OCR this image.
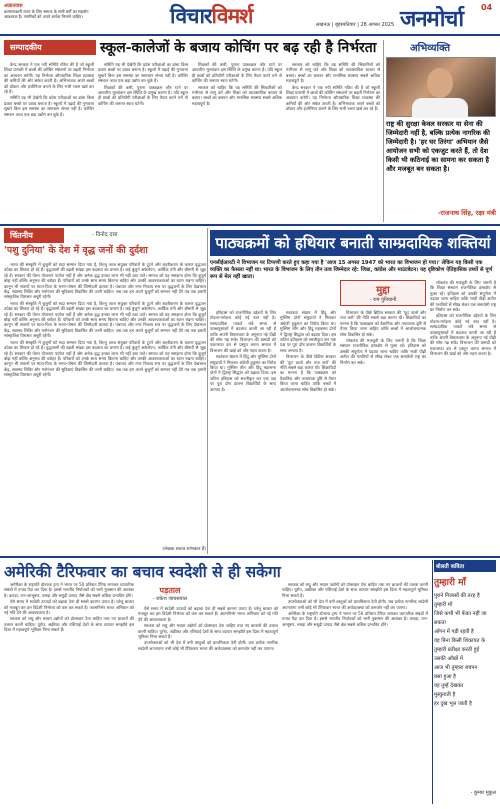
अज्ञातवास
कल्याणकारी राज्य के लिए समाज के सभी वर्गों का सहयोग आवश्यक है। नागरिकों को अपने कर्तव्य निभाने चाहिए।	विचारविमर्श	लखनऊ | बृहस्पतिवार | 28 अगस्त 2025 जनमोर्चा 04
सम्पादकीय	स्कूल-कालेजों के बजाय कोचिंग पर बढ़ रही है निर्भरता

केन्द्र सरकार ने एक नयी समिति गठित की है जो स्कूली शिक्षा प्रणाली में छात्रों की कोचिंग संस्थानों पर बढ़ती निर्भरता का अध्ययन करेगी। यह निर्भरता औपचारिक शिक्षा व्यवस्था की कमियों की ओर संकेत करती है। अभिभावक अपने बच्चों को डॉक्टर और इंजीनियर बनाने के लिए भारी रकम खर्च कर रहे हैं।

समिति यह भी देखेगी कि प्रवेश परीक्षाओं का ढांचा किस प्रकार बच्चों पर दबाव बनाता है। स्कूलों में पढ़ाई की गुणवत्ता सुधारे बिना इस समस्या का समाधान संभव नहीं है। कोचिंग संस्थान आज एक बड़ा उद्योग बन चुके हैं।

समिति यह भी देखेगी कि प्रवेश परीक्षाओं का ढांचा किस प्रकार बच्चों पर दबाव बनाता है। स्कूलों में पढ़ाई की गुणवत्ता सुधारे बिना इस समस्या का समाधान संभव नहीं है। कोचिंग संस्थान आज एक बड़ा उद्योग बन चुके हैं।

शिक्षकों की कमी, पुराना पाठ्यक्रम और रटने पर आधारित मूल्यांकन इस स्थिति के प्रमुख कारण हैं। यदि स्कूल ही छात्रों को प्रतियोगी परीक्षाओं के लिए तैयार करने लगें तो कोचिंग की जरूरत स्वतः घटेगी।

शिक्षकों की कमी, पुराना पाठ्यक्रम और रटने पर आधारित मूल्यांकन इस स्थिति के प्रमुख कारण हैं। यदि स्कूल ही छात्रों को प्रतियोगी परीक्षाओं के लिए तैयार करने लगें तो कोचिंग की जरूरत स्वतः घटेगी।

सरकार को चाहिए कि वह समिति की सिफारिशों को गंभीरता से लागू करे और शिक्षा को व्यावसायिक बाजार से बचाए। बच्चों का बचपन और मानसिक स्वास्थ्य सबसे अधिक महत्वपूर्ण है।

सरकार को चाहिए कि वह समिति की सिफारिशों को गंभीरता से लागू करे और शिक्षा को व्यावसायिक बाजार से बचाए। बच्चों का बचपन और मानसिक स्वास्थ्य सबसे अधिक महत्वपूर्ण है।

केन्द्र सरकार ने एक नयी समिति गठित की है जो स्कूली शिक्षा प्रणाली में छात्रों की कोचिंग संस्थानों पर बढ़ती निर्भरता का अध्ययन करेगी। यह निर्भरता औपचारिक शिक्षा व्यवस्था की कमियों की ओर संकेत करती है। अभिभावक अपने बच्चों को डॉक्टर और इंजीनियर बनाने के लिए भारी रकम खर्च कर रहे हैं।

अभिव्यक्ति
राष्ट्र की सुरक्षा केवल सरकार या सेना की जिम्मेदारी नहीं है, बल्कि प्रत्येक नागरिक की जिम्मेदारी है। 'हर घर तिरंगा' अभियान जैसे आयोजन सभी को एकजुट करते हैं, तो देश किसी भी कठिनाई का सामना कर सकता है और मजबूत बन सकता है।
-राजनाथ सिंह, रक्षा मंत्री
चिंतनीय	- विनोद दत्ता
'पशु दुनिया' के देश में वृद्ध जनों की दुर्दशा

भारत की संस्कृति में बुजुर्गों को सदा सम्मान दिया गया है, किन्तु आज संयुक्त परिवारों के टूटने और शहरीकरण के कारण वृद्धजन उपेक्षा का शिकार हो रहे हैं। वृद्धाश्रमों की बढ़ती संख्या इस बदलाव का प्रमाण है। कई बुजुर्ग अकेलेपन, आर्थिक तंगी और बीमारी से जूझ रहे हैं। सरकार की पेंशन योजनाएं पर्याप्त नहीं हैं और अनेक वृद्ध इनका लाभ भी नहीं उठा पाते। समाज को यह समझना होगा कि बुजुर्ग बोझ नहीं बल्कि अनुभव की धरोहर हैं। परिवारों को उनके साथ समय बिताना चाहिए और उनकी आवश्यकताओं का ध्यान रखना चाहिए। कानून भी संतानों पर माता-पिता के भरण-पोषण की जिम्मेदारी डालता है। पंचायत और नगर निकाय स्तर पर वृद्धजनों के लिए देखभाल केंद्र, स्वास्थ्य शिविर और मनोरंजन की सुविधाएं विकसित की जानी चाहिए। जब तक हम अपने बुजुर्गों को सम्मान नहीं देंगे तब तक हमारी सांस्कृतिक विरासत अधूरी रहेगी।

भारत की संस्कृति में बुजुर्गों को सदा सम्मान दिया गया है, किन्तु आज संयुक्त परिवारों के टूटने और शहरीकरण के कारण वृद्धजन उपेक्षा का शिकार हो रहे हैं। वृद्धाश्रमों की बढ़ती संख्या इस बदलाव का प्रमाण है। कई बुजुर्ग अकेलेपन, आर्थिक तंगी और बीमारी से जूझ रहे हैं। सरकार की पेंशन योजनाएं पर्याप्त नहीं हैं और अनेक वृद्ध इनका लाभ भी नहीं उठा पाते। समाज को यह समझना होगा कि बुजुर्ग बोझ नहीं बल्कि अनुभव की धरोहर हैं। परिवारों को उनके साथ समय बिताना चाहिए और उनकी आवश्यकताओं का ध्यान रखना चाहिए। कानून भी संतानों पर माता-पिता के भरण-पोषण की जिम्मेदारी डालता है। पंचायत और नगर निकाय स्तर पर वृद्धजनों के लिए देखभाल केंद्र, स्वास्थ्य शिविर और मनोरंजन की सुविधाएं विकसित की जानी चाहिए। जब तक हम अपने बुजुर्गों को सम्मान नहीं देंगे तब तक हमारी सांस्कृतिक विरासत अधूरी रहेगी।

भारत की संस्कृति में बुजुर्गों को सदा सम्मान दिया गया है, किन्तु आज संयुक्त परिवारों के टूटने और शहरीकरण के कारण वृद्धजन उपेक्षा का शिकार हो रहे हैं। वृद्धाश्रमों की बढ़ती संख्या इस बदलाव का प्रमाण है। कई बुजुर्ग अकेलेपन, आर्थिक तंगी और बीमारी से जूझ रहे हैं। सरकार की पेंशन योजनाएं पर्याप्त नहीं हैं और अनेक वृद्ध इनका लाभ भी नहीं उठा पाते। समाज को यह समझना होगा कि बुजुर्ग बोझ नहीं बल्कि अनुभव की धरोहर हैं। परिवारों को उनके साथ समय बिताना चाहिए और उनकी आवश्यकताओं का ध्यान रखना चाहिए। कानून भी संतानों पर माता-पिता के भरण-पोषण की जिम्मेदारी डालता है। पंचायत और नगर निकाय स्तर पर वृद्धजनों के लिए देखभाल केंद्र, स्वास्थ्य शिविर और मनोरंजन की सुविधाएं विकसित की जानी चाहिए। जब तक हम अपने बुजुर्गों को सम्मान नहीं देंगे तब तक हमारी सांस्कृतिक विरासत अधूरी रहेगी।

(लेखक स्वतंत्र स्तंभकार हैं)
पाठ्यक्रमों को हथियार बनाती साम्प्रदायिक शक्तियां
एनसीईआरटी ने विभाजन पर टिप्पणी करते हुए कहा गया है 'आज 15 अगस्त 1947 को भारत का विभाजन हो गया।' लेकिन यह किसी एक व्यक्ति का फैसला नहीं था। भारत के विभाजन के लिए तीन तत्व जिम्मेदार रहे: जिन्ना, कांग्रेस और माउंटबेटन। यह दृष्टिकोण ऐतिहासिक तथ्यों से पूर्ण रूप से मेल नहीं खाता।

इतिहास को राजनीतिक उद्देश्यों के लिए तोड़ना-मरोड़ना कोई नई बात नहीं है। साम्प्रदायिक ताकतें लंबे समय से पाठ्यपुस्तकों में बदलाव करती आ रही हैं ताकि अपनी विचारधारा के अनुरूप नई पीढ़ी की सोच गढ़ सकें। विभाजन की त्रासदी को एकतरफा ढंग से प्रस्तुत करना समाज में विभाजन की खाई को और गहरा करता है।

स्वतंत्रता संग्राम में हिंदू और मुस्लिम दोनों समुदायों ने मिलकर अंग्रेजी हुकूमत का विरोध किया था। मुस्लिम लीग और हिंदू महासभा दोनों ने द्विराष्ट्र सिद्धांत को बढ़ावा दिया। इस जटिल इतिहास को सरलीकृत कर एक पक्ष पर पूरा दोष डालना विद्यार्थियों के साथ अन्याय है।

स्वतंत्रता संग्राम में हिंदू और मुस्लिम दोनों समुदायों ने मिलकर अंग्रेजी हुकूमत का विरोध किया था। मुस्लिम लीग और हिंदू महासभा दोनों ने द्विराष्ट्र सिद्धांत को बढ़ावा दिया। इस जटिल इतिहास को सरलीकृत कर एक पक्ष पर पूरा दोष डालना विद्यार्थियों के साथ अन्याय है।

विभाजन के पीछे ब्रिटिश सरकार की 'फूट डालो और राज करो' की नीति सबसे बड़ा कारण थी। शिक्षाविदों का मानना है कि पाठ्यक्रम को वैज्ञानिक और तथ्यपरक दृष्टि से तैयार किया जाना चाहिए ताकि बच्चों में आलोचनात्मक सोच विकसित हो सके।

मुद्दा
- राम पुनियानी

विभाजन के पीछे ब्रिटिश सरकार की 'फूट डालो और राज करो' की नीति सबसे बड़ा कारण थी। शिक्षाविदों का मानना है कि पाठ्यक्रम को वैज्ञानिक और तथ्यपरक दृष्टि से तैयार किया जाना चाहिए ताकि बच्चों में आलोचनात्मक सोच विकसित हो सके।

लोकतंत्र की मजबूती के लिए जरूरी है कि शिक्षा संस्थान राजनीतिक हस्तक्षेप से मुक्त रहें। इतिहास को उसकी संपूर्णता में पढ़ाया जाना चाहिए ताकि भावी पीढ़ी अतीत की गलतियों से सीख लेकर एक समावेशी राष्ट्र का निर्माण कर सके।

लोकतंत्र की मजबूती के लिए जरूरी है कि शिक्षा संस्थान राजनीतिक हस्तक्षेप से मुक्त रहें। इतिहास को उसकी संपूर्णता में पढ़ाया जाना चाहिए ताकि भावी पीढ़ी अतीत की गलतियों से सीख लेकर एक समावेशी राष्ट्र का निर्माण कर सके।

इतिहास को राजनीतिक उद्देश्यों के लिए तोड़ना-मरोड़ना कोई नई बात नहीं है। साम्प्रदायिक ताकतें लंबे समय से पाठ्यपुस्तकों में बदलाव करती आ रही हैं ताकि अपनी विचारधारा के अनुरूप नई पीढ़ी की सोच गढ़ सकें। विभाजन की त्रासदी को एकतरफा ढंग से प्रस्तुत करना समाज में विभाजन की खाई को और गहरा करता है।

अमेरिकी टैरिफवार का बचाव स्वदेशी से ही सकेगा
पड़ताल
- राकेश जायसवाल

अमेरिका के राष्ट्रपति डोनाल्ड ट्रम्प ने भारत पर 50 प्रतिशत टैरिफ लगाकर व्यापारिक संबंधों में तनाव पैदा कर दिया है। इससे भारतीय निर्यातकों को भारी नुकसान की आशंका है। कपड़ा, रत्न-आभूषण, चमड़ा और समुद्री उत्पाद जैसे क्षेत्र सबसे अधिक प्रभावित होंगे।

ऐसे समय में स्वदेशी उत्पादों को बढ़ावा देना ही सबसे कारगर उपाय है। घरेलू बाजार को मजबूत कर हम विदेशी निर्भरता को कम कर सकते हैं। आत्मनिर्भर भारत अभियान को नई गति देने की आवश्यकता है।

सरकार को लघु और मध्यम उद्योगों को प्रोत्साहन देना चाहिए तथा नए बाजारों की तलाश करनी चाहिए। यूरोप, अफ्रीका और एशियाई देशों के साथ व्यापार समझौते इस दिशा में महत्वपूर्ण भूमिका निभा सकते हैं।

ऐसे समय में स्वदेशी उत्पादों को बढ़ावा देना ही सबसे कारगर उपाय है। घरेलू बाजार को मजबूत कर हम विदेशी निर्भरता को कम कर सकते हैं। आत्मनिर्भर भारत अभियान को नई गति देने की आवश्यकता है।

सरकार को लघु और मध्यम उद्योगों को प्रोत्साहन देना चाहिए तथा नए बाजारों की तलाश करनी चाहिए। यूरोप, अफ्रीका और एशियाई देशों के साथ व्यापार समझौते इस दिशा में महत्वपूर्ण भूमिका निभा सकते हैं।

उपभोक्ताओं को भी देश में बनी वस्तुओं को प्राथमिकता देनी होगी। जब प्रत्येक नागरिक स्वदेशी अपनाएगा तभी कोई भी टैरिफवार भारत की अर्थव्यवस्था को कमजोर नहीं कर पाएगा।

सरकार को लघु और मध्यम उद्योगों को प्रोत्साहन देना चाहिए तथा नए बाजारों की तलाश करनी चाहिए। यूरोप, अफ्रीका और एशियाई देशों के साथ व्यापार समझौते इस दिशा में महत्वपूर्ण भूमिका निभा सकते हैं।

उपभोक्ताओं को भी देश में बनी वस्तुओं को प्राथमिकता देनी होगी। जब प्रत्येक नागरिक स्वदेशी अपनाएगा तभी कोई भी टैरिफवार भारत की अर्थव्यवस्था को कमजोर नहीं कर पाएगा।

अमेरिका के राष्ट्रपति डोनाल्ड ट्रम्प ने भारत पर 50 प्रतिशत टैरिफ लगाकर व्यापारिक संबंधों में तनाव पैदा कर दिया है। इससे भारतीय निर्यातकों को भारी नुकसान की आशंका है। कपड़ा, रत्न-आभूषण, चमड़ा और समुद्री उत्पाद जैसे क्षेत्र सबसे अधिक प्रभावित होंगे।

बोलती कविता
तुम्हारी माँ
पुराने गिलासों की तरह है
तुम्हारी माँ
जिसे कभी भी फेंका नहीं जा सकता
आँगन में पड़ी रहती है
वह बिना किसी शिकायत के
तुम्हारी प्रतीक्षा करती हुई
उसकी आँखों में
आज भी तुम्हारा बचपन
बसा हुआ है
वह तुम्हें देखकर
मुस्कुराती है
हर दुख भूल जाती है
- कुमार मुकुल
